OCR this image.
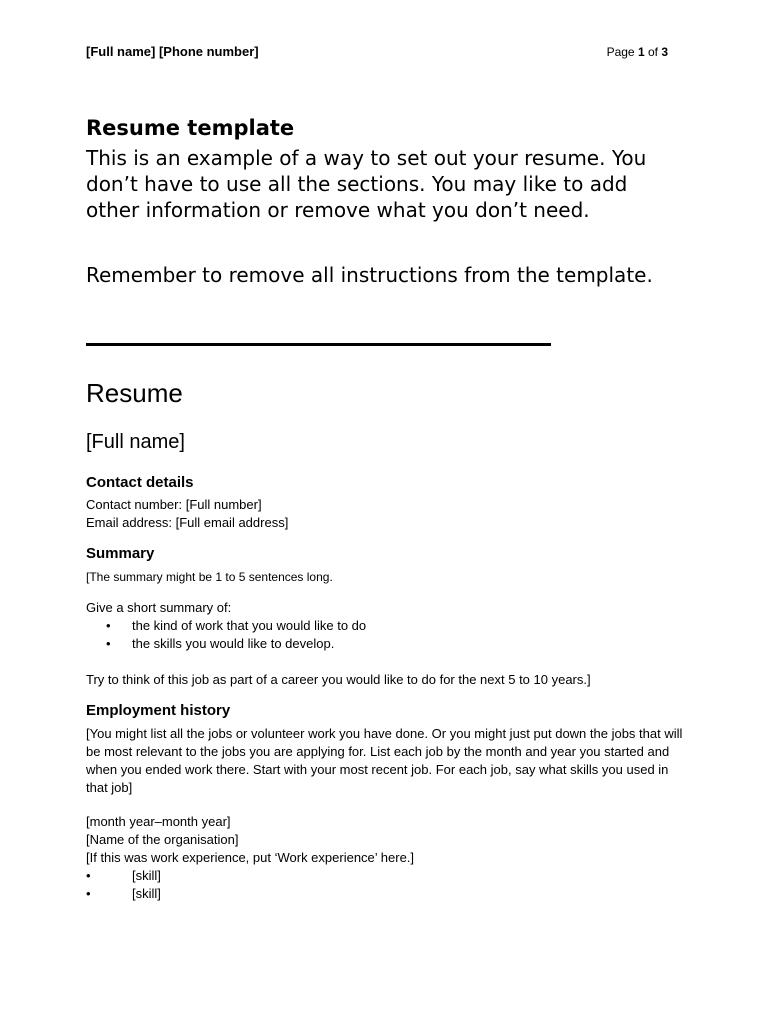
[Full name] [Phone number]	Page 1 of 3
Resume template

This is an example of a way to set out your resume. You don’t have to use all the sections. You may like to add other information or remove what you don’t need.

Remember to remove all instructions from the template.

Resume
[Full name]
Contact details

Contact number: [Full number]

Email address: [Full email address]

Summary

[The summary might be 1 to 5 sentences long.

Give a short summary of:

• the kind of work that you would like to do
• the skills you would like to develop.

Try to think of this job as part of a career you would like to do for the next 5 to 10 years.]

Employment history

[You might list all the jobs or volunteer work you have done. Or you might just put down the jobs that will be most relevant to the jobs you are applying for. List each job by the month and year you started and when you ended work there. Start with your most recent job. For each job, say what skills you used in that job]

[month year–month year]

[Name of the organisation]

[If this was work experience, put ‘Work experience’ here.]

•	[skill]
•	[skill]
